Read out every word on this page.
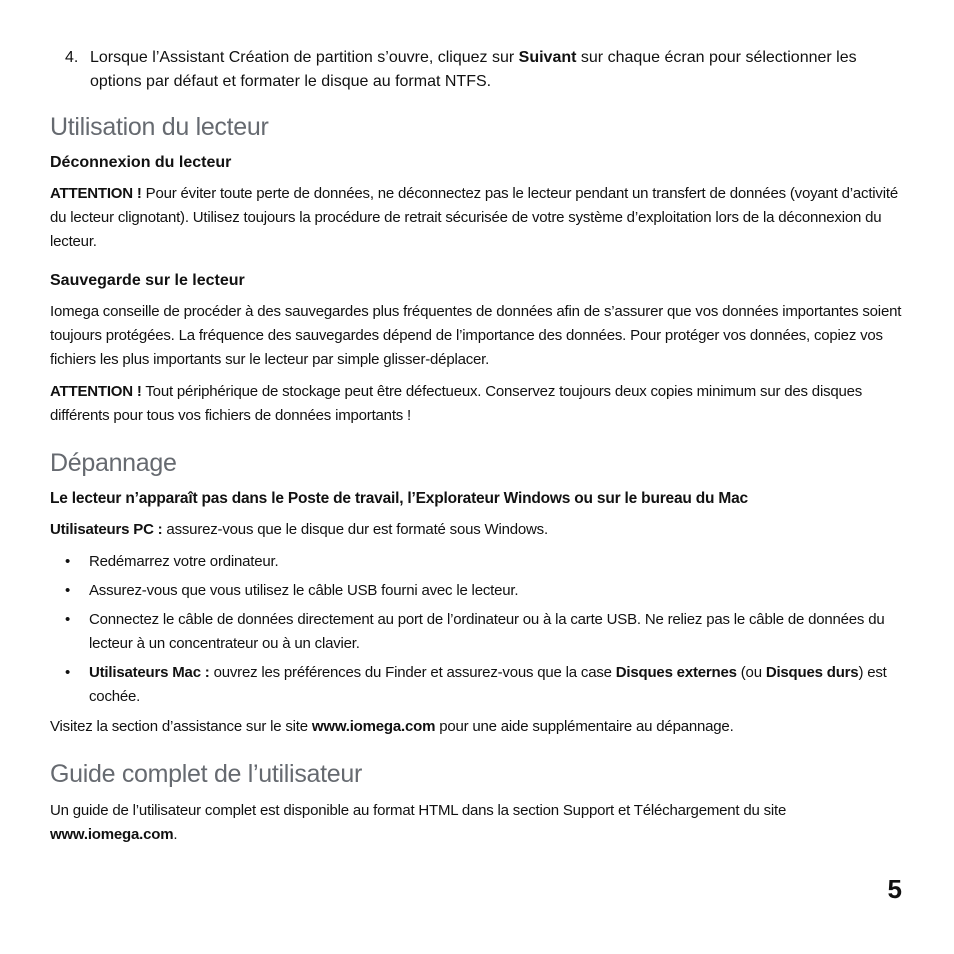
4. Lorsque l’Assistant Création de partition s’ouvre, cliquez sur Suivant sur chaque écran pour sélectionner les options par défaut et formater le disque au format NTFS.
Utilisation du lecteur
Déconnexion du lecteur

ATTENTION ! Pour éviter toute perte de données, ne déconnectez pas le lecteur pendant un transfert de données (voyant d’activité du lecteur clignotant). Utilisez toujours la procédure de retrait sécurisée de votre système d’exploitation lors de la déconnexion du lecteur.

Sauvegarde sur le lecteur

Iomega conseille de procéder à des sauvegardes plus fréquentes de données afin de s’assurer que vos données importantes soient toujours protégées. La fréquence des sauvegardes dépend de l’importance des données. Pour protéger vos données, copiez vos fichiers les plus importants sur le lecteur par simple glisser-déplacer.

ATTENTION ! Tout périphérique de stockage peut être défectueux. Conservez toujours deux copies minimum sur des disques différents pour tous vos fichiers de données importants !

Dépannage
Le lecteur n’apparaît pas dans le Poste de travail, l’Explorateur Windows ou sur le bureau du Mac

Utilisateurs PC : assurez-vous que le disque dur est formaté sous Windows.

• Redémarrez votre ordinateur.
• Assurez-vous que vous utilisez le câble USB fourni avec le lecteur.
• Connectez le câble de données directement au port de l’ordinateur ou à la carte USB. Ne reliez pas le câble de données du lecteur à un concentrateur ou à un clavier.
• Utilisateurs Mac : ouvrez les préférences du Finder et assurez-vous que la case Disques externes (ou Disques durs) est cochée.

Visitez la section d’assistance sur le site www.iomega.com pour une aide supplémentaire au dépannage.

Guide complet de l’utilisateur

Un guide de l’utilisateur complet est disponible au format HTML dans la section Support et Téléchargement du site www.iomega.com.

5
